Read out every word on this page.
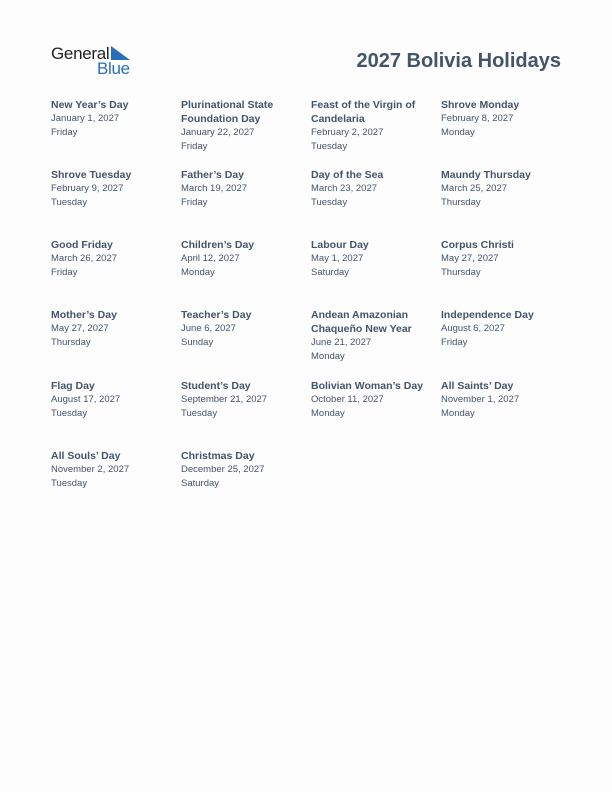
General
Blue	2027 Bolivia Holidays
New Year’s Day
January 1, 2027
Friday
Plurinational State Foundation Day
January 22, 2027
Friday
Feast of the Virgin of Candelaria
February 2, 2027
Tuesday
Shrove Monday
February 8, 2027
Monday
Shrove Tuesday
February 9, 2027
Tuesday
Father’s Day
March 19, 2027
Friday
Day of the Sea
March 23, 2027
Tuesday
Maundy Thursday
March 25, 2027
Thursday
Good Friday
March 26, 2027
Friday
Children’s Day
April 12, 2027
Monday
Labour Day
May 1, 2027
Saturday
Corpus Christi
May 27, 2027
Thursday
Mother’s Day
May 27, 2027
Thursday
Teacher’s Day
June 6, 2027
Sunday
Andean Amazonian Chaqueño New Year
June 21, 2027
Monday
Independence Day
August 6, 2027
Friday
Flag Day
August 17, 2027
Tuesday
Student’s Day
September 21, 2027
Tuesday
Bolivian Woman’s Day
October 11, 2027
Monday
All Saints’ Day
November 1, 2027
Monday
All Souls’ Day
November 2, 2027
Tuesday
Christmas Day
December 25, 2027
Saturday
